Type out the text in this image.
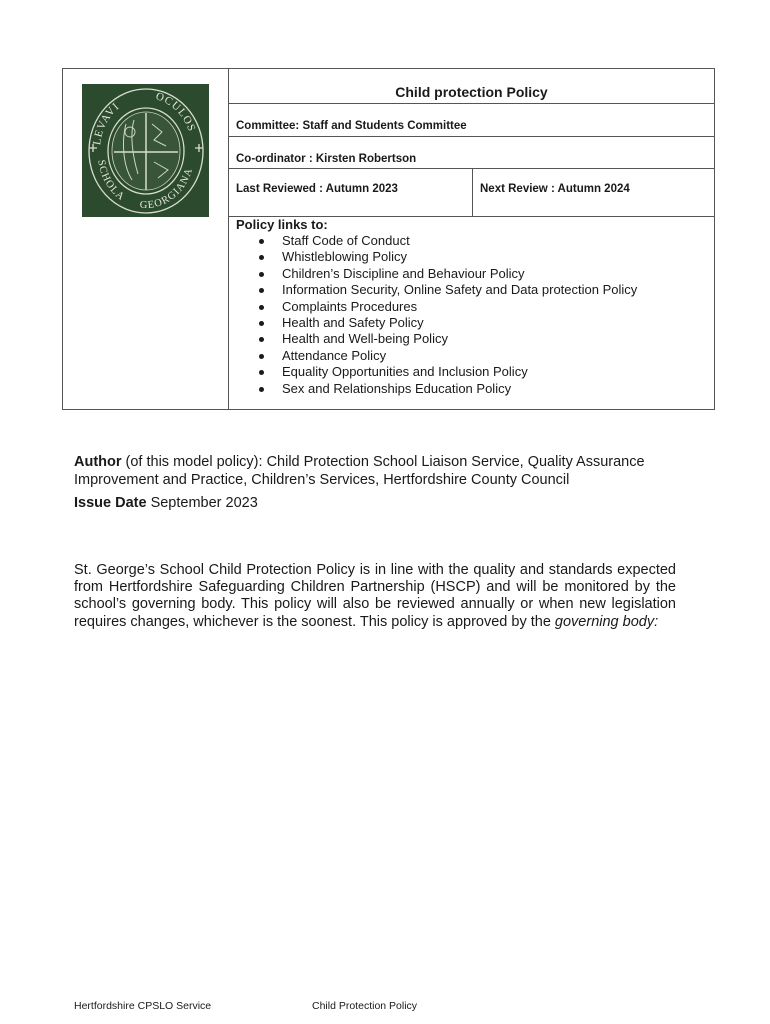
LEVAVI
OCULOS
SCHOLA
GEORGIANA
Child protection Policy
Committee: Staff and Students Committee
Co-ordinator : Kirsten Robertson
Last Reviewed : Autumn 2023	Next Review : Autumn 2024
Policy links to:
Staff Code of Conduct
Whistleblowing Policy
Children’s Discipline and Behaviour Policy
Information Security, Online Safety and Data protection Policy
Complaints Procedures
Health and Safety Policy
Health and Well-being Policy
Attendance Policy
Equality Opportunities and Inclusion Policy
Sex and Relationships Education Policy
Author (of this model policy): Child Protection School Liaison Service, Quality Assurance Improvement and Practice, Children’s Services, Hertfordshire County Council
Issue Date September 2023
St. George’s School Child Protection Policy is in line with the quality and standards expected from Hertfordshire Safeguarding Children Partnership (HSCP) and will be monitored by the school’s governing body. This policy will also be reviewed annually or when new legislation requires changes, whichever is the soonest. This policy is approved by the governing body:
Hertfordshire CPSLO Service	Child Protection Policy
